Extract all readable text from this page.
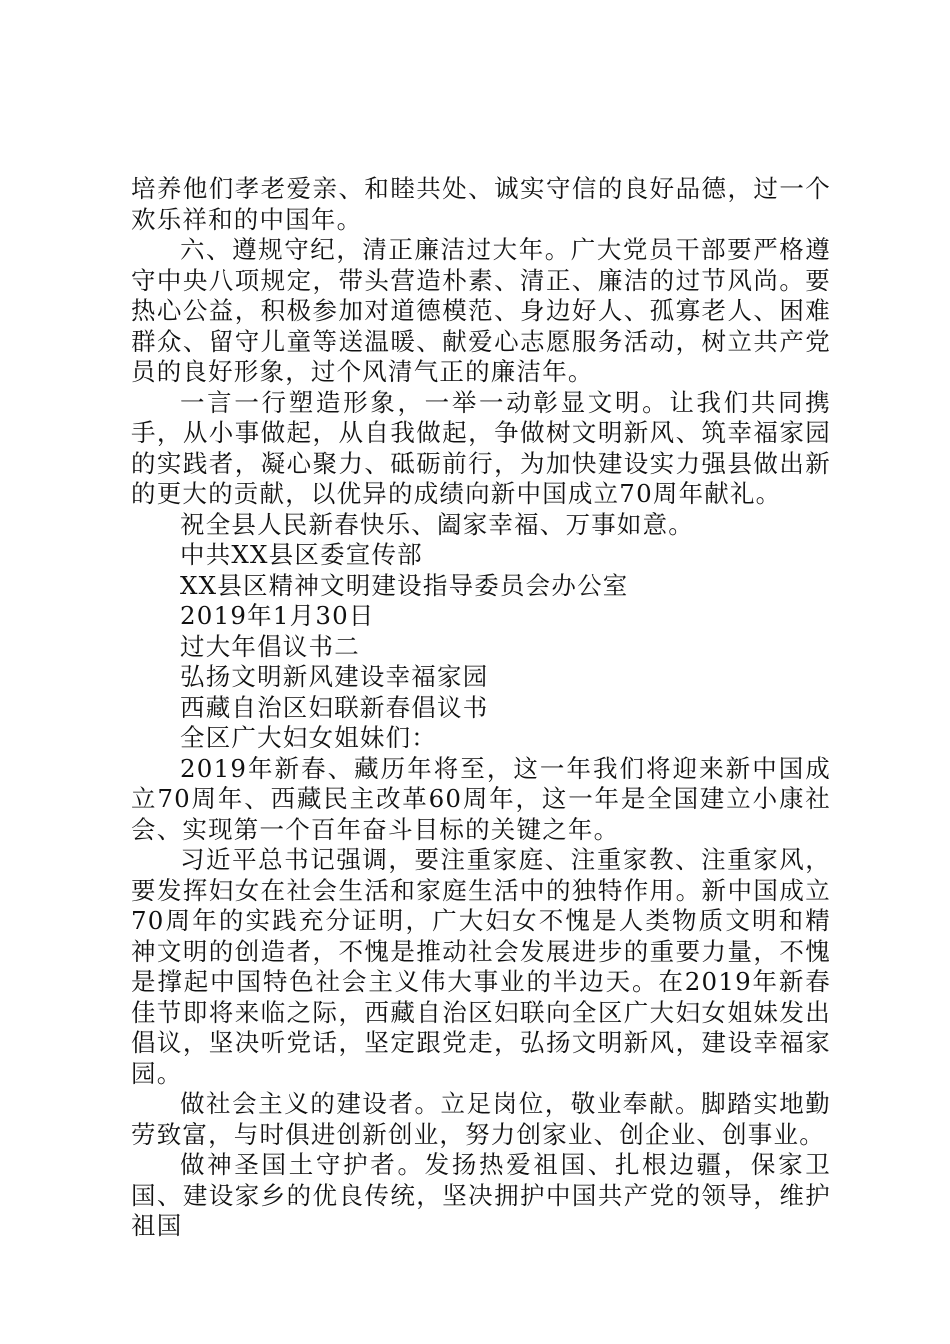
培养他们孝老爱亲、和睦共处、诚实守信的良好品德，过一个欢乐祥和的中国年。

六、遵规守纪，清正廉洁过大年。广大党员干部要严格遵守中央八项规定，带头营造朴素、清正、廉洁的过节风尚。要热心公益，积极参加对道德模范、身边好人、孤寡老人、困难群众、留守儿童等送温暖、献爱心志愿服务活动，树立共产党员的良好形象，过个风清气正的廉洁年。

一言一行塑造形象，一举一动彰显文明。让我们共同携手，从小事做起，从自我做起，争做树文明新风、筑幸福家园的实践者，凝心聚力、砥砺前行，为加快建设实力强县做出新的更大的贡献，以优异的成绩向新中国成立70周年献礼。

祝全县人民新春快乐、阖家幸福、万事如意。

中共XX县区委宣传部

XX县区精神文明建设指导委员会办公室

2019年1月30日

过大年倡议书二

弘扬文明新风建设幸福家园

西藏自治区妇联新春倡议书

全区广大妇女姐妹们：

2019年新春、藏历年将至，这一年我们将迎来新中国成立70周年、西藏民主改革60周年，这一年是全国建立小康社会、实现第一个百年奋斗目标的关键之年。

习近平总书记强调，要注重家庭、注重家教、注重家风，要发挥妇女在社会生活和家庭生活中的独特作用。新中国成立70周年的实践充分证明，广大妇女不愧是人类物质文明和精神文明的创造者，不愧是推动社会发展进步的重要力量，不愧是撑起中国特色社会主义伟大事业的半边天。在2019年新春佳节即将来临之际，西藏自治区妇联向全区广大妇女姐妹发出倡议，坚决听党话，坚定跟党走，弘扬文明新风，建设幸福家园。

做社会主义的建设者。立足岗位，敬业奉献。脚踏实地勤劳致富，与时俱进创新创业，努力创家业、创企业、创事业。

做神圣国土守护者。发扬热爱祖国、扎根边疆，保家卫国、建设家乡的优良传统，坚决拥护中国共产党的领导，维护祖国
